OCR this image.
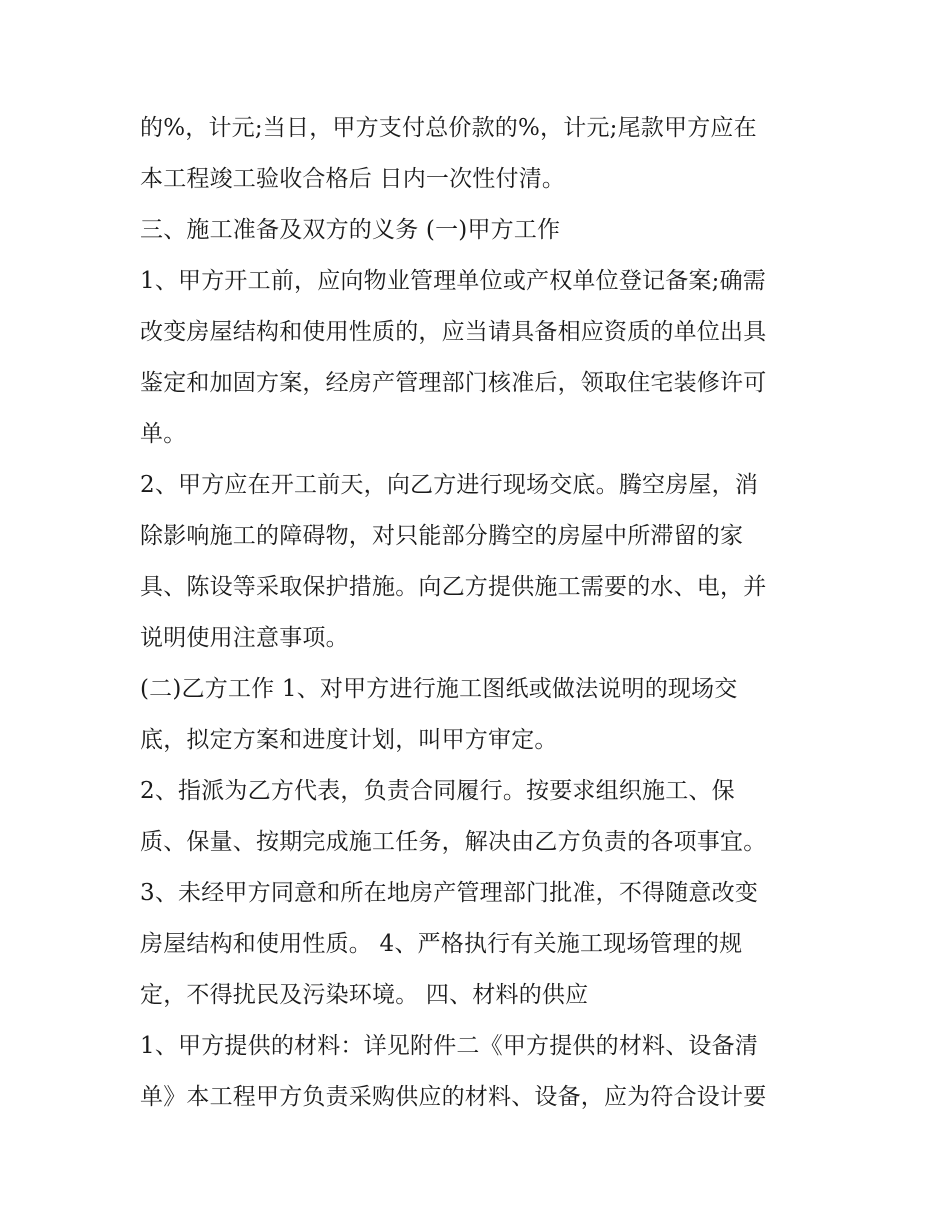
的%，计元;当日，甲方支付总价款的%，计元;尾款甲方应在
本工程竣工验收合格后 日内一次性付清。
三、施工准备及双方的义务 (一)甲方工作
1、甲方开工前，应向物业管理单位或产权单位登记备案;确需
改变房屋结构和使用性质的，应当请具备相应资质的单位出具
鉴定和加固方案，经房产管理部门核准后，领取住宅装修许可
单。
2、甲方应在开工前天，向乙方进行现场交底。腾空房屋，消
除影响施工的障碍物，对只能部分腾空的房屋中所滞留的家
具、陈设等采取保护措施。向乙方提供施工需要的水、电，并
说明使用注意事项。
(二)乙方工作 1、对甲方进行施工图纸或做法说明的现场交
底，拟定方案和进度计划，叫甲方审定。
2、指派为乙方代表，负责合同履行。按要求组织施工、保
质、保量、按期完成施工任务，解决由乙方负责的各项事宜。
3、未经甲方同意和所在地房产管理部门批准，不得随意改变
房屋结构和使用性质。 4、严格执行有关施工现场管理的规
定，不得扰民及污染环境。 四、材料的供应
1、甲方提供的材料：详见附件二《甲方提供的材料、设备清
单》本工程甲方负责采购供应的材料、设备，应为符合设计要
